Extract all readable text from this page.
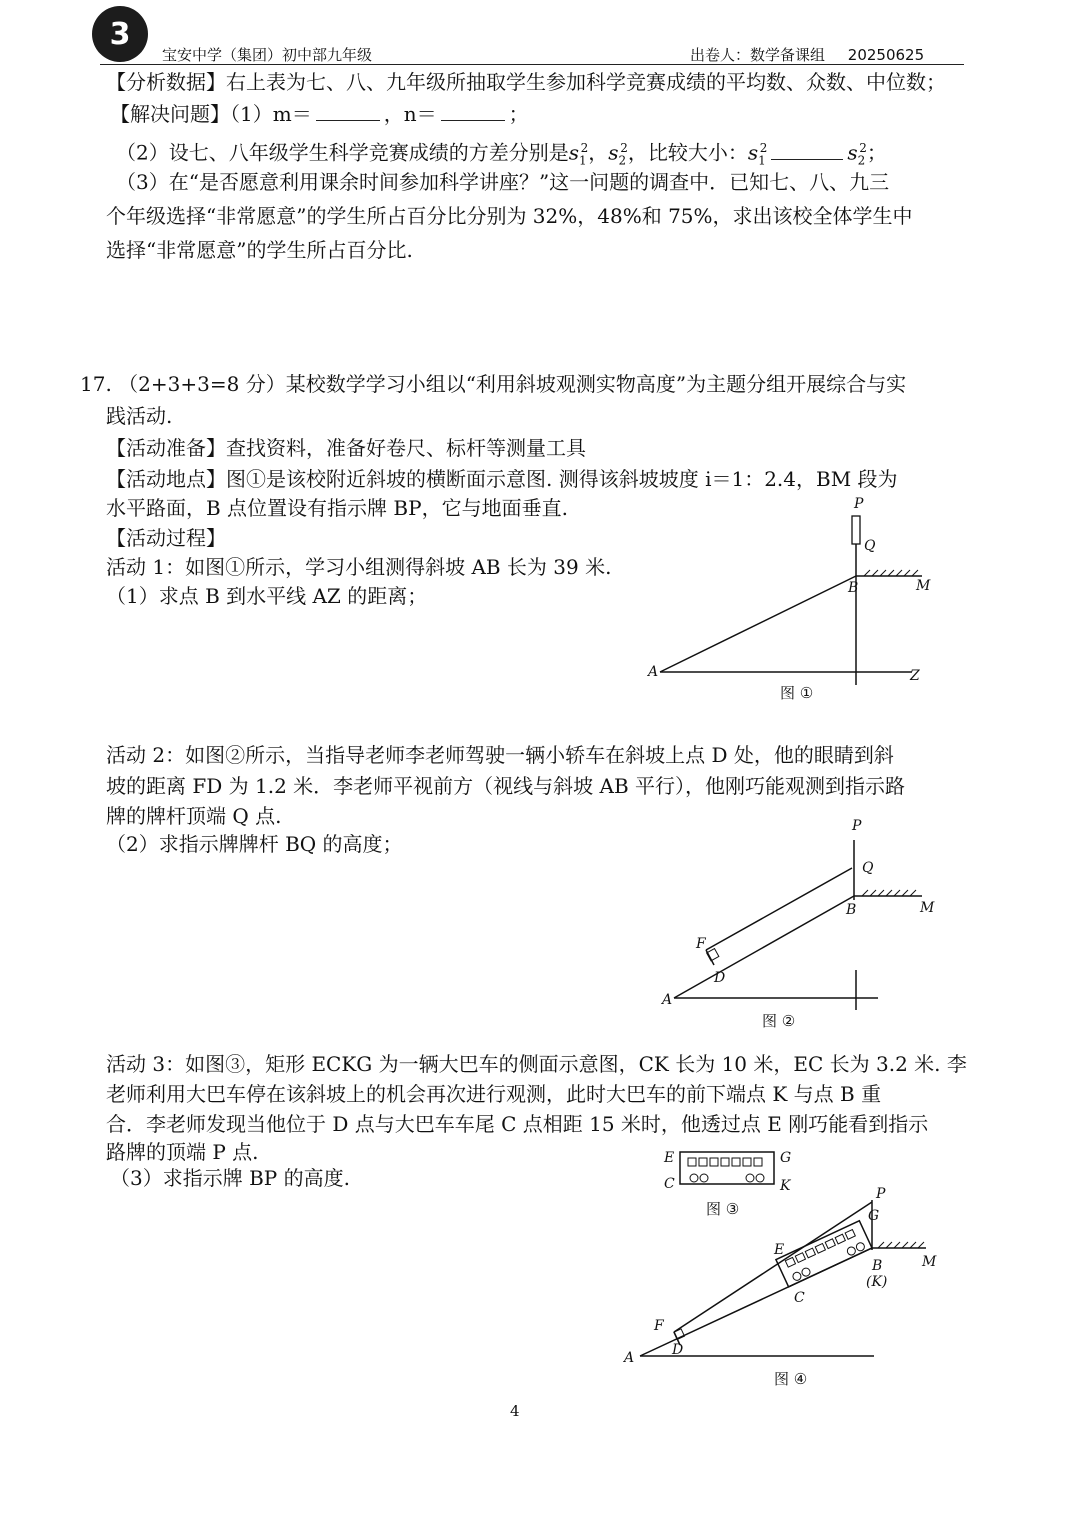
3
宝安中学（集团）初中部九年级	出卷人：数学备课组 20250625
【分析数据】右上表为七、八、九年级所抽取学生参加科学竞赛成绩的平均数、众数、中位数；
【解决问题】（1）m＝	，n＝	；
（2）设七、八年级学生科学竞赛成绩的方差分别是$s_1^2$，$s_2^2$，比较大小：$s_1^2$	$s_2^2$；
（3）在“是否愿意利用课余时间参加科学讲座？”这一问题的调查中．已知七、八、九三
个年级选择“非常愿意”的学生所占百分比分别为 32%，48%和 75%，求出该校全体学生中
选择“非常愿意”的学生所占百分比.
17. （2+3+3=8 分）某校数学学习小组以“利用斜坡观测实物高度”为主题分组开展综合与实
践活动.
【活动准备】查找资料，准备好卷尺、标杆等测量工具
【活动地点】图①是该校附近斜坡的横断面示意图. 测得该斜坡坡度 i＝1：2.4，BM 段为
水平路面，B 点位置设有指示牌 BP，它与地面垂直.
【活动过程】
活动 1：如图①所示，学习小组测得斜坡 AB 长为 39 米.
（1）求点 B 到水平线 AZ 的距离；
P
Q
B	M
A	Z
图 ①
活动 2：如图②所示，当指导老师李老师驾驶一辆小轿车在斜坡上点 D 处，他的眼睛到斜
坡的距离 FD 为 1.2 米．李老师平视前方（视线与斜坡 AB 平行），他刚巧能观测到指示路
牌的牌杆顶端 Q 点.
（2）求指示牌牌杆 BQ 的高度；
P
Q
B	M
F
D
A
图 ②
活动 3：如图③，矩形 ECKG 为一辆大巴车的侧面示意图，CK 长为 10 米，EC 长为 3.2 米. 李
老师利用大巴车停在该斜坡上的机会再次进行观测，此时大巴车的前下端点 K 与点 B 重
合．李老师发现当他位于 D 点与大巴车车尾 C 点相距 15 米时，他透过点 E 刚巧能看到指示
路牌的顶端 P 点.
（3）求指示牌 BP 的高度.
E	G
C	K
图 ③
P
G
E
B
(K)
M
C
F
D
A
图 ④
4
